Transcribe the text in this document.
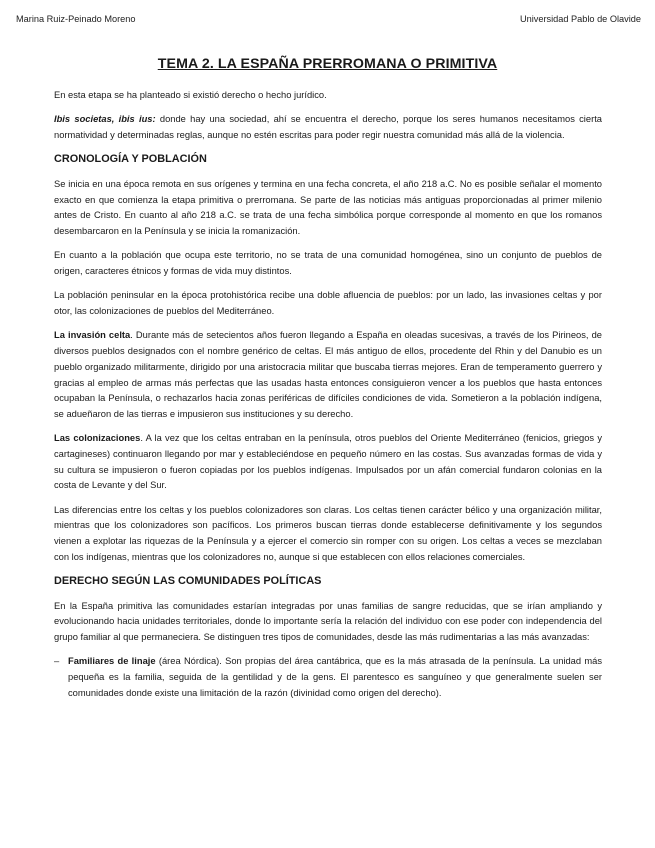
Marina Ruiz-Peinado Moreno	Universidad Pablo de Olavide
TEMA 2. LA ESPAÑA PRERROMANA O PRIMITIVA

En esta etapa se ha planteado si existió derecho o hecho jurídico.

Ibis societas, ibis ius: donde hay una sociedad, ahí se encuentra el derecho, porque los seres humanos necesitamos cierta normatividad y determinadas reglas, aunque no estén escritas para poder regir nuestra comunidad más allá de la violencia.

CRONOLOGÍA Y POBLACIÓN

Se inicia en una época remota en sus orígenes y termina en una fecha concreta, el año 218 a.C. No es posible señalar el momento exacto en que comienza la etapa primitiva o prerromana. Se parte de las noticias más antiguas proporcionadas al primer milenio antes de Cristo. En cuanto al año 218 a.C. se trata de una fecha simbólica porque corresponde al momento en que los romanos desembarcaron en la Península y se inicia la romanización.

En cuanto a la población que ocupa este territorio, no se trata de una comunidad homogénea, sino un conjunto de pueblos de origen, caracteres étnicos y formas de vida muy distintos.

La población peninsular en la época protohistórica recibe una doble afluencia de pueblos: por un lado, las invasiones celtas y por otor, las colonizaciones de pueblos del Mediterráneo.

La invasión celta. Durante más de setecientos años fueron llegando a España en oleadas sucesivas, a través de los Pirineos, de diversos pueblos designados con el nombre genérico de celtas. El más antiguo de ellos, procedente del Rhin y del Danubio es un pueblo organizado militarmente, dirigido por una aristocracia militar que buscaba tierras mejores. Eran de temperamento guerrero y gracias al empleo de armas más perfectas que las usadas hasta entonces consiguieron vencer a los pueblos que hasta entonces ocupaban la Península, o rechazarlos hacia zonas periféricas de difíciles condiciones de vida. Sometieron a la población indígena, se adueñaron de las tierras e impusieron sus instituciones y su derecho.

Las colonizaciones. A la vez que los celtas entraban en la península, otros pueblos del Oriente Mediterráneo (fenicios, griegos y cartagineses) continuaron llegando por mar y estableciéndose en pequeño número en las costas. Sus avanzadas formas de vida y su cultura se impusieron o fueron copiadas por los pueblos indígenas. Impulsados por un afán comercial fundaron colonias en la costa de Levante y del Sur.

Las diferencias entre los celtas y los pueblos colonizadores son claras. Los celtas tienen carácter bélico y una organización militar, mientras que los colonizadores son pacíficos. Los primeros buscan tierras donde establecerse definitivamente y los segundos vienen a explotar las riquezas de la Península y a ejercer el comercio sin romper con su origen. Los celtas a veces se mezclaban con los indígenas, mientras que los colonizadores no, aunque si que establecen con ellos relaciones comerciales.

DERECHO SEGÚN LAS COMUNIDADES POLÍTICAS

En la España primitiva las comunidades estarían integradas por unas familias de sangre reducidas, que se irían ampliando y evolucionando hacia unidades territoriales, donde lo importante sería la relación del individuo con ese poder con independencia del grupo familiar al que permaneciera. Se distinguen tres tipos de comunidades, desde las más rudimentarias a las más avanzadas:

– Familiares de linaje (área Nórdica). Son propias del área cantábrica, que es la más atrasada de la península. La unidad más pequeña es la familia, seguida de la gentilidad y de la gens. El parentesco es sanguíneo y que generalmente suelen ser comunidades donde existe una limitación de la razón (divinidad como origen del derecho).
